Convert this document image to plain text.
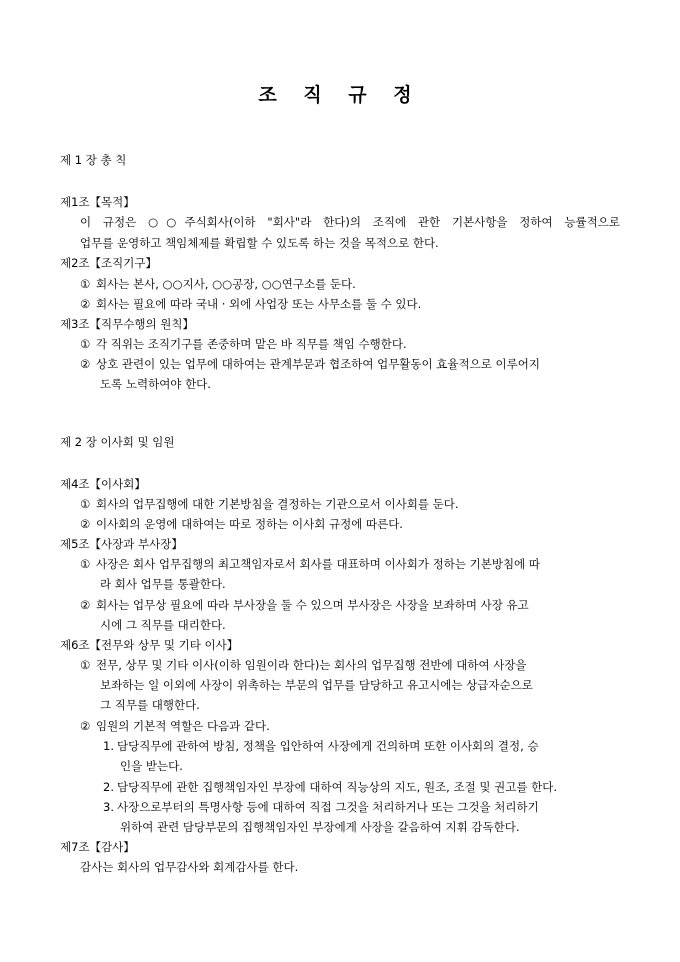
조 직 규 정
제 1 장 총 칙
제1조【목적】
이 규정은 ○○주식회사(이하 "회사"라 한다)의 조직에 관한 기본사항을 정하여 능률적으로
업무를 운영하고 책임체제를 확립할 수 있도록 하는 것을 목적으로 한다.
제2조【조직기구】
① 회사는 본사, ○○지사, ○○공장, ○○연구소를 둔다.
② 회사는 필요에 따라 국내 · 외에 사업장 또는 사무소를 둘 수 있다.
제3조【직무수행의 원칙】
① 각 직위는 조직기구를 존중하며 맡은 바 직무를 책임 수행한다.
② 상호 관련이 있는 업무에 대하여는 관계부문과 협조하여 업무활동이 효율적으로 이루어지
도록 노력하여야 한다.
제 2 장 이사회 및 임원
제4조【이사회】
① 회사의 업무집행에 대한 기본방침을 결정하는 기관으로서 이사회를 둔다.
② 이사회의 운영에 대하여는 따로 정하는 이사회 규정에 따른다.
제5조【사장과 부사장】
① 사장은 회사 업무집행의 최고책임자로서 회사를 대표하며 이사회가 정하는 기본방침에 따
라 회사 업무를 통괄한다.
② 회사는 업무상 필요에 따라 부사장을 둘 수 있으며 부사장은 사장을 보좌하며 사장 유고
시에 그 직무를 대리한다.
제6조【전무와 상무 및 기타 이사】
① 전무, 상무 및 기타 이사(이하 임원이라 한다)는 회사의 업무집행 전반에 대하여 사장을
보좌하는 일 이외에 사장이 위촉하는 부문의 업무를 담당하고 유고시에는 상급자순으로
그 직무를 대행한다.
② 임원의 기본적 역할은 다음과 같다.
1. 담당직무에 관하여 방침, 정책을 입안하여 사장에게 건의하며 또한 이사회의 결정, 승
인을 받는다.
2. 담당직무에 관한 집행책임자인 부장에 대하여 직능상의 지도, 원조, 조절 및 권고를 한다.
3. 사장으로부터의 특명사항 등에 대하여 직접 그것을 처리하거나 또는 그것을 처리하기
위하여 관련 담당부문의 집행책임자인 부장에게 사장을 갈음하여 지휘 감독한다.
제7조【감사】
감사는 회사의 업무감사와 회계감사를 한다.
